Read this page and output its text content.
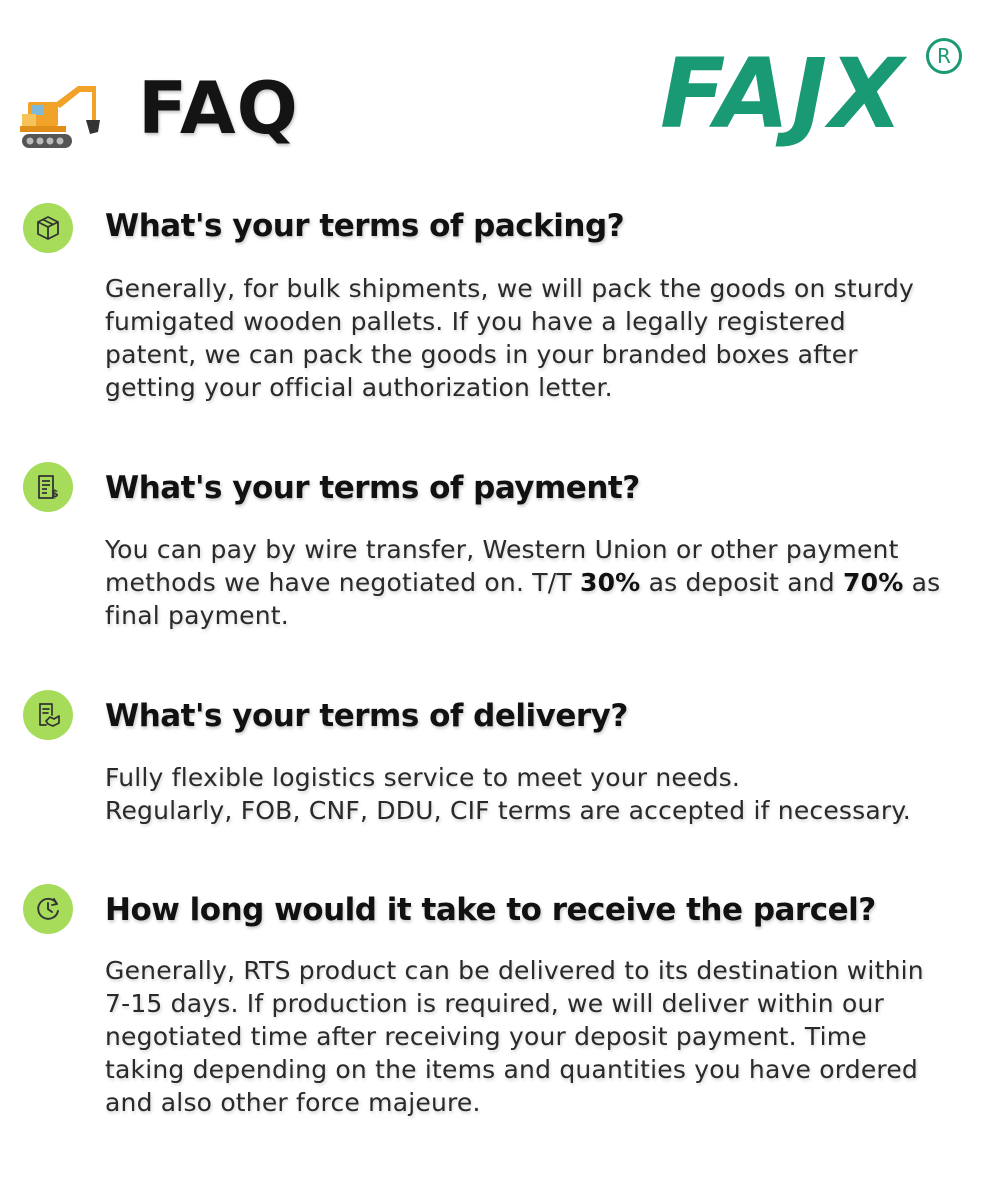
FAQ	FAJX	R
What's your terms of packing?
Generally, for bulk shipments, we will pack the goods on sturdy
fumigated wooden pallets. If you have a legally registered
patent, we can pack the goods in your branded boxes after
getting your official authorization letter.
$ What's your terms of payment?
You can pay by wire transfer, Western Union or other payment
methods we have negotiated on. T/T 30% as deposit and 70% as
final payment.
What's your terms of delivery?
Fully flexible logistics service to meet your needs.
Regularly, FOB, CNF, DDU, CIF terms are accepted if necessary.
How long would it take to receive the parcel?
Generally, RTS product can be delivered to its destination within
7-15 days. If production is required, we will deliver within our
negotiated time after receiving your deposit payment. Time
taking depending on the items and quantities you have ordered
and also other force majeure.
